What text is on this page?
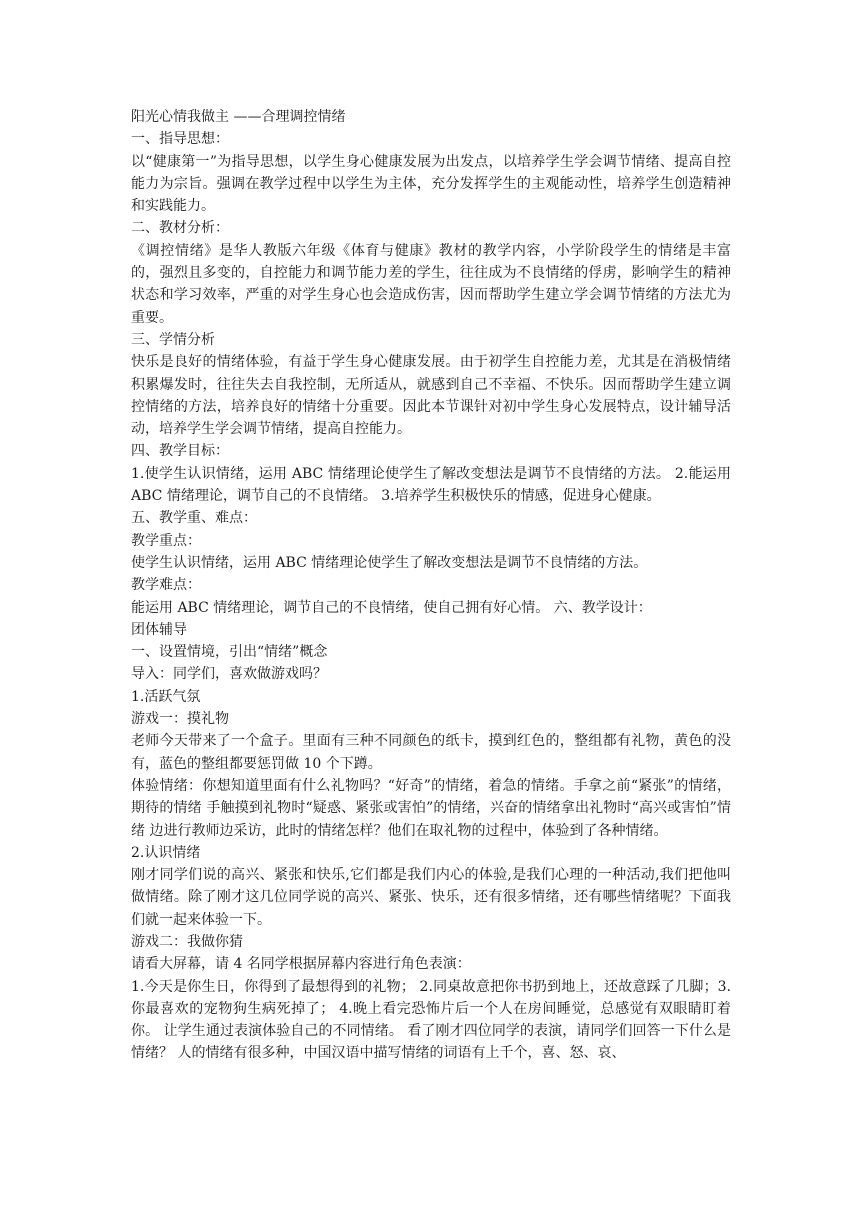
阳光心情我做主 ——合理调控情绪

一、指导思想：

以“健康第一”为指导思想，以学生身心健康发展为出发点，以培养学生学会调节情绪、提高自控能力为宗旨。强调在教学过程中以学生为主体，充分发挥学生的主观能动性，培养学生创造精神和实践能力。

二、教材分析：

《调控情绪》是华人教版六年级《体育与健康》教材的教学内容，小学阶段学生的情绪是丰富的，强烈且多变的，自控能力和调节能力差的学生，往往成为不良情绪的俘虏，影响学生的精神状态和学习效率，严重的对学生身心也会造成伤害，因而帮助学生建立学会调节情绪的方法尤为重要。

三、学情分析

快乐是良好的情绪体验，有益于学生身心健康发展。由于初学生自控能力差，尤其是在消极情绪积累爆发时，往往失去自我控制，无所适从，就感到自己不幸福、不快乐。因而帮助学生建立调控情绪的方法，培养良好的情绪十分重要。因此本节课针对初中学生身心发展特点，设计辅导活动，培养学生学会调节情绪，提高自控能力。

四、教学目标：

1.使学生认识情绪，运用 ABC 情绪理论使学生了解改变想法是调节不良情绪的方法。 2.能运用 ABC 情绪理论，调节自己的不良情绪。 3.培养学生积极快乐的情感，促进身心健康。

五、教学重、难点：

教学重点：

使学生认识情绪，运用 ABC 情绪理论使学生了解改变想法是调节不良情绪的方法。

教学难点：

能运用 ABC 情绪理论，调节自己的不良情绪，使自己拥有好心情。 六、教学设计：

团体辅导

一、设置情境，引出“情绪”概念

导入：同学们，喜欢做游戏吗？

1.活跃气氛

游戏一：摸礼物

老师今天带来了一个盒子。里面有三种不同颜色的纸卡，摸到红色的，整组都有礼物，黄色的没有，蓝色的整组都要惩罚做 10 个下蹲。

体验情绪：你想知道里面有什么礼物吗？“好奇”的情绪，着急的情绪。手拿之前“紧张”的情绪，期待的情绪 手触摸到礼物时“疑惑、紧张或害怕”的情绪，兴奋的情绪拿出礼物时“高兴或害怕”情绪 边进行教师边采访，此时的情绪怎样？他们在取礼物的过程中，体验到了各种情绪。

2.认识情绪

刚才同学们说的高兴、紧张和快乐,它们都是我们内心的体验,是我们心理的一种活动,我们把他叫做情绪。除了刚才这几位同学说的高兴、紧张、快乐，还有很多情绪，还有哪些情绪呢？下面我们就一起来体验一下。

游戏二：我做你猜

请看大屏幕，请 4 名同学根据屏幕内容进行角色表演：

1.今天是你生日，你得到了最想得到的礼物； 2.同桌故意把你书扔到地上，还故意踩了几脚；3.你最喜欢的宠物狗生病死掉了； 4.晚上看完恐怖片后一个人在房间睡觉，总感觉有双眼睛盯着你。 让学生通过表演体验自己的不同情绪。 看了刚才四位同学的表演，请同学们回答一下什么是情绪？ 人的情绪有很多种，中国汉语中描写情绪的词语有上千个，喜、怒、哀、
